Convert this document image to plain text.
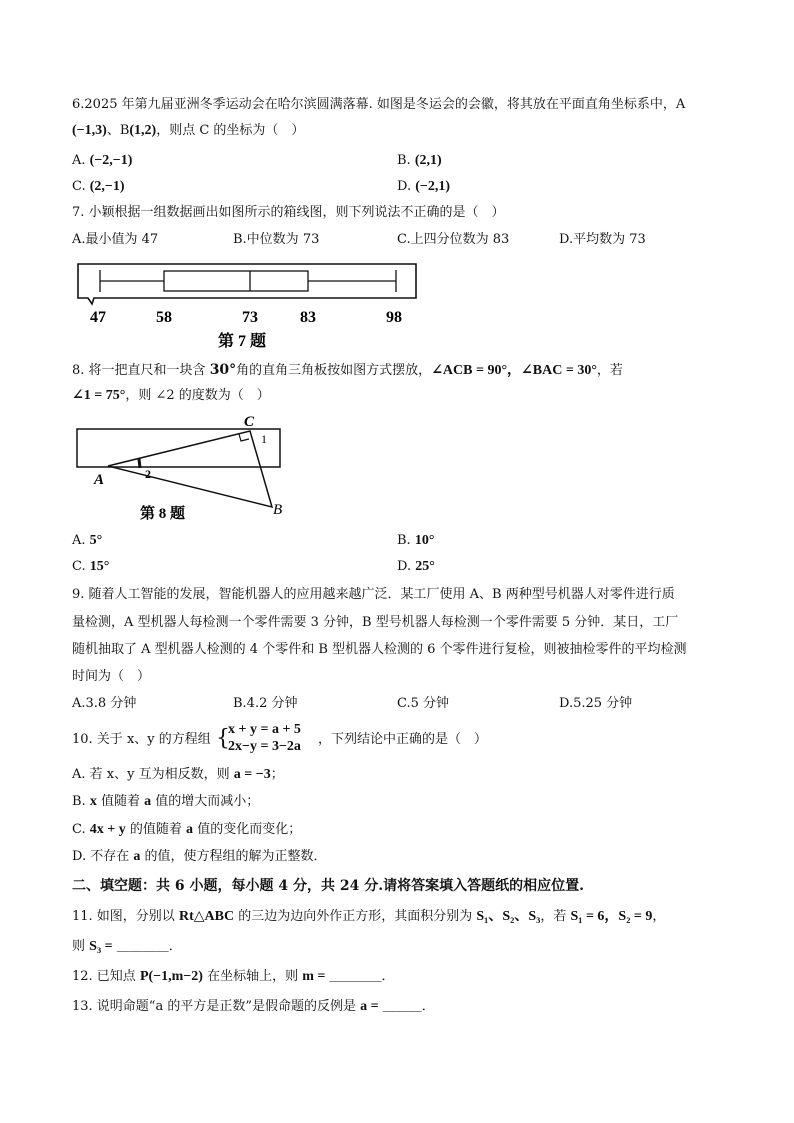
6.2025 年第九届亚洲冬季运动会在哈尔滨圆满落幕. 如图是冬运会的会徽，将其放在平面直角坐标系中，A
(−1,3)、B(1,2)，则点 C 的坐标为（　）
A. (−2,−1)	B. (2,1)
C. (2,−1)	D. (−2,1)
7. 小颖根据一组数据画出如图所示的箱线图，则下列说法不正确的是（　）
A.最小值为 47	B.中位数为 73	C.上四分位数为 83	D.平均数为 73
47	58	73	83	98
第 7 题
8. 将一把直尺和一块含 30°角的直角三角板按如图方式摆放，∠ACB = 90°，∠BAC = 30°，若
∠1 = 75°，则 ∠2 的度数为（　）
C
1
A	2
B
第 8 题
A. 5°	B. 10°
C. 15°	D. 25°
9. 随着人工智能的发展，智能机器人的应用越来越广泛．某工厂使用 A、B 两种型号机器人对零件进行质
量检测，A 型机器人每检测一个零件需要 3 分钟，B 型号机器人每检测一个零件需要 5 分钟．某日，工厂
随机抽取了 A 型机器人检测的 4 个零件和 B 型机器人检测的 6 个零件进行复检，则被抽检零件的平均检测
时间为（　）
A.3.8 分钟	B.4.2 分钟	C.5 分钟	D.5.25 分钟
10. 关于 x、y 的方程组 {
x + y = a + 5
2x−y = 3−2a ，下列结论中正确的是（　）
A. 若 x、y 互为相反数，则 a = −3；
B. x 值随着 a 值的增大而减小；
C. 4x + y 的值随着 a 值的变化而变化；
D. 不存在 a 的值，使方程组的解为正整数．
二、填空题：共 6 小题，每小题 4 分，共 24 分.请将答案填入答题纸的相应位置.
11. 如图，分别以 Rt△ABC 的三边为边向外作正方形，其面积分别为 S₁、S₂、S₃，若 S₁ = 6，S₂ = 9，
则 S₃ = ＿＿＿＿．
12. 已知点 P(−1,m−2) 在坐标轴上，则 m = ＿＿＿＿．
13. 说明命题“a 的平方是正数”是假命题的反例是 a = ＿＿＿．
